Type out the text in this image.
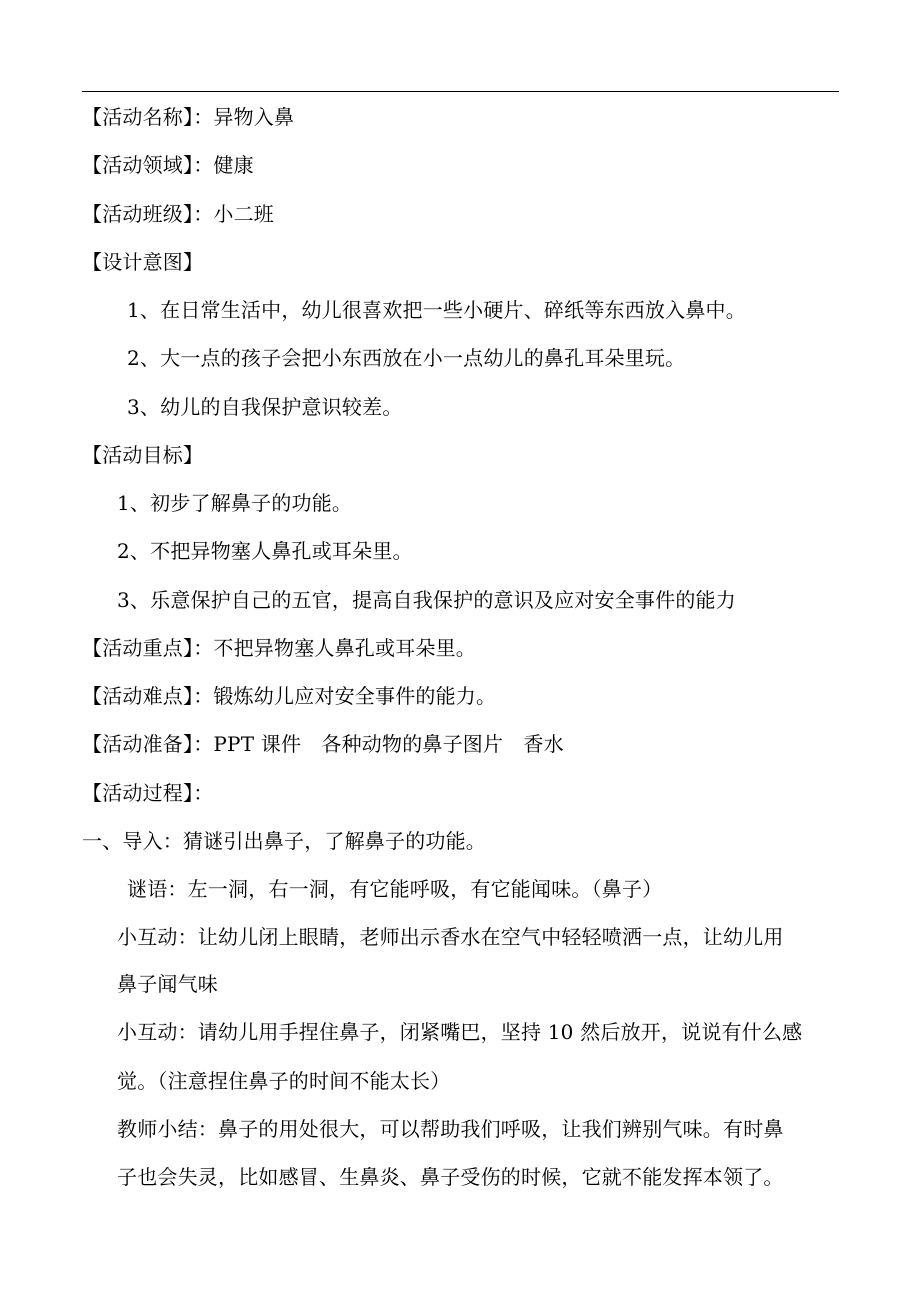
【活动名称】：异物入鼻
【活动领域】：健康
【活动班级】：小二班
【设计意图】
1、在日常生活中，幼儿很喜欢把一些小硬片、碎纸等东西放入鼻中。
2、大一点的孩子会把小东西放在小一点幼儿的鼻孔耳朵里玩。
3、幼儿的自我保护意识较差。
【活动目标】
1、初步了解鼻子的功能。
2、不把异物塞人鼻孔或耳朵里。
3、乐意保护自己的五官，提高自我保护的意识及应对安全事件的能力
【活动重点】：不把异物塞人鼻孔或耳朵里。
【活动难点】：锻炼幼儿应对安全事件的能力。
【活动准备】：PPT 课件　各种动物的鼻子图片　香水
【活动过程】：
一、导入：猜谜引出鼻子，了解鼻子的功能。
谜语：左一洞，右一洞，有它能呼吸，有它能闻味。（鼻子）
小互动：让幼儿闭上眼睛，老师出示香水在空气中轻轻喷洒一点，让幼儿用
鼻子闻气味
小互动：请幼儿用手捏住鼻子，闭紧嘴巴，坚持 10 然后放开，说说有什么感
觉。（注意捏住鼻子的时间不能太长）
教师小结：鼻子的用处很大，可以帮助我们呼吸，让我们辨别气味。有时鼻
子也会失灵，比如感冒、生鼻炎、鼻子受伤的时候，它就不能发挥本领了。
